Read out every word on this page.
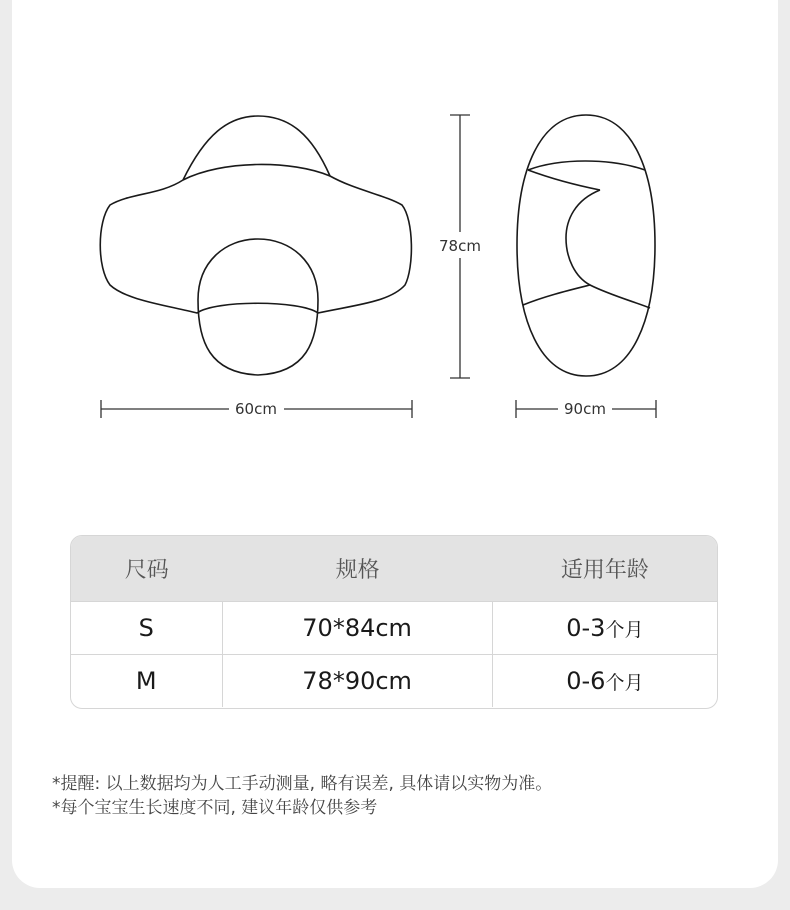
60cm
78cm
90cm
尺码	规格	适用年龄
S	70*84cm	0-3 个月
M	78*90cm	0-6 个月
*提醒: 以上数据均为人工手动测量, 略有误差, 具体请以实物为准。
*每个宝宝生长速度不同, 建议年龄仅供参考
